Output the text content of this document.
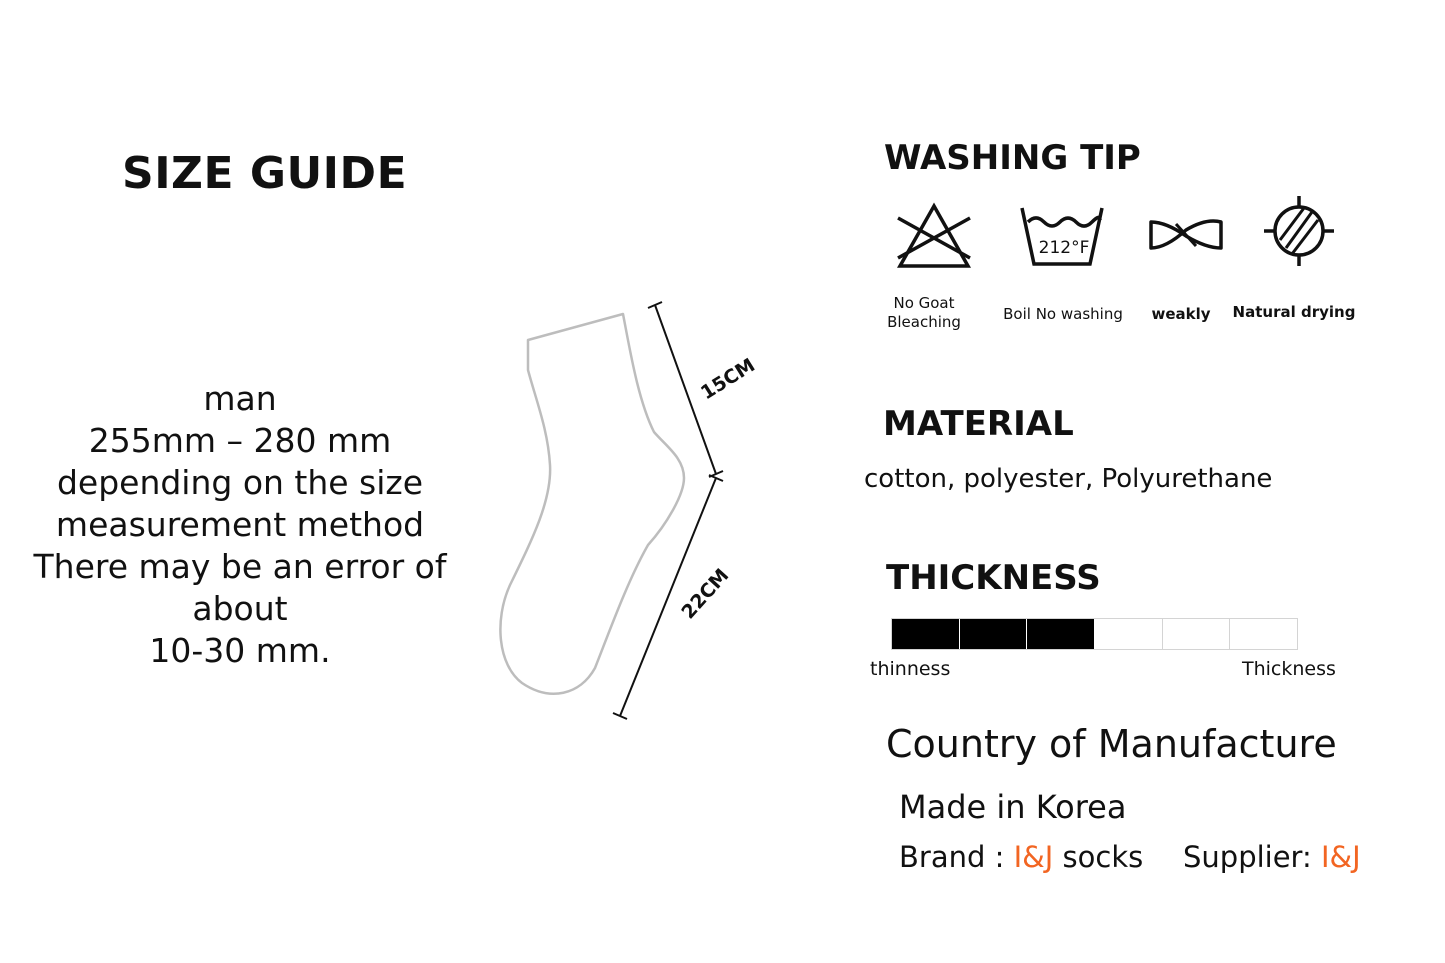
SIZE GUIDE
man
255mm – 280 mm
depending on the size
measurement method
There may be an error of
about
10-30 mm.
15CM
22CM
WASHING TIP
212°F
No Goat
Bleaching	Boil No washing	weakly	Natural drying
MATERIAL
cotton, polyester, Polyurethane
THICKNESS
thinness	Thickness
Country of Manufacture
Made in Korea
Brand : I&J socks Supplier: I&J
